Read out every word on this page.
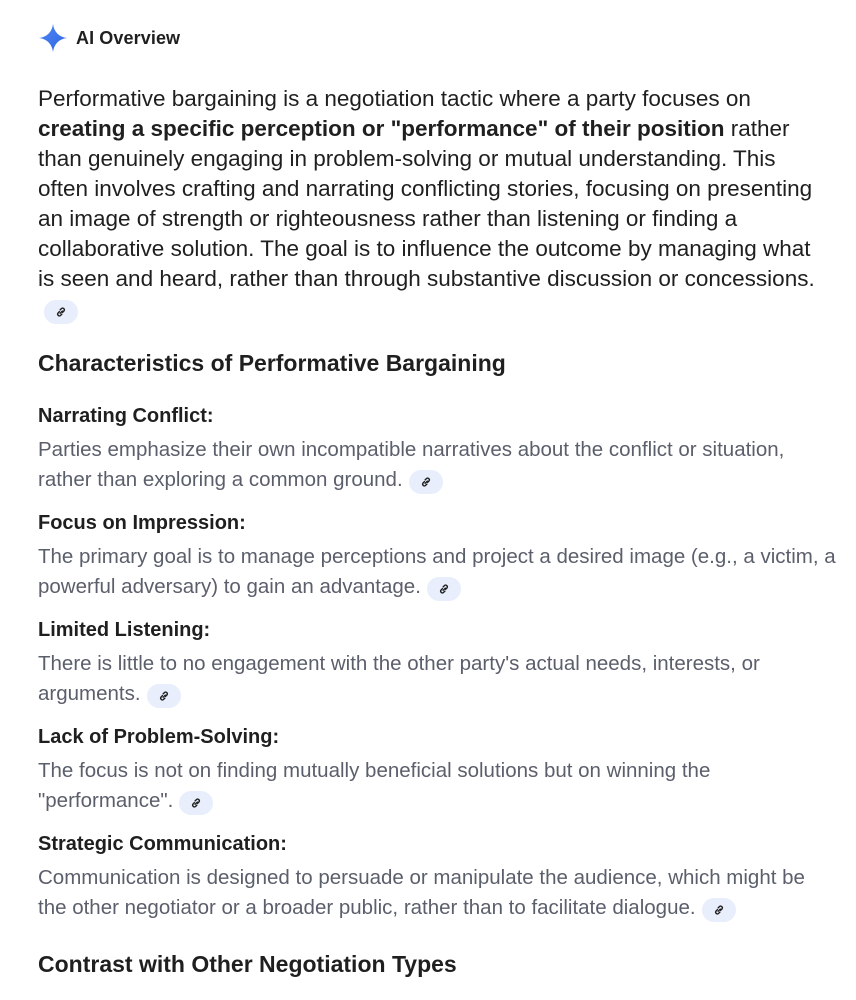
AI Overview

Performative bargaining is a negotiation tactic where a party focuses on creating a specific perception or "performance" of their position rather than genuinely engaging in problem-solving or mutual understanding. This often involves crafting and narrating conflicting stories, focusing on presenting an image of strength or righteousness rather than listening or finding a collaborative solution. The goal is to influence the outcome by managing what is seen and heard, rather than through substantive discussion or concessions.

Characteristics of Performative Bargaining
Narrating Conflict:

Parties emphasize their own incompatible narratives about the conflict or situation, rather than exploring a common ground.

Focus on Impression:

The primary goal is to manage perceptions and project a desired image (e.g., a victim, a powerful adversary) to gain an advantage.

Limited Listening:

There is little to no engagement with the other party's actual needs, interests, or arguments.

Lack of Problem-Solving:

The focus is not on finding mutually beneficial solutions but on winning the "performance".

Strategic Communication:

Communication is designed to persuade or manipulate the audience, which might be the other negotiator or a broader public, rather than to facilitate dialogue.

Contrast with Other Negotiation Types
